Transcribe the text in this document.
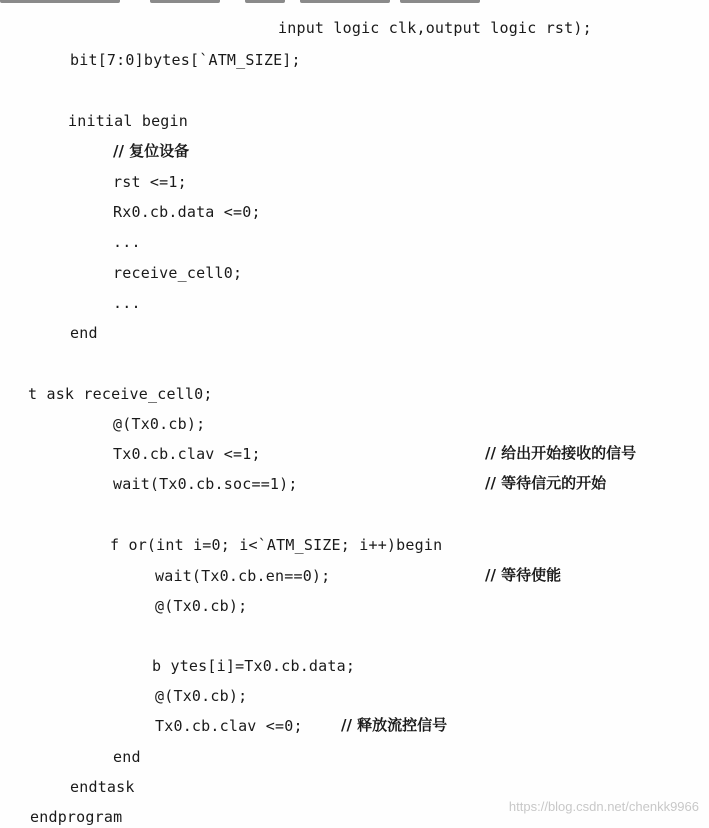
input logic clk,output logic rst);
bit[7:0]bytes[`ATM_SIZE];
initial begin
// 复位设备
rst <=1;
Rx0.cb.data <=0;
...
receive_cell0;
...
end
t ask receive_cell0;
@(Tx0.cb);
Tx0.cb.clav <=1;	// 给出开始接收的信号
wait(Tx0.cb.soc==1);	// 等待信元的开始
f or(int i=0; i<`ATM_SIZE; i++)begin
wait(Tx0.cb.en==0);	// 等待使能
@(Tx0.cb);
b ytes[i]=Tx0.cb.data;
@(Tx0.cb);
Tx0.cb.clav <=0;	// 释放流控信号
end
endtask
endprogram
https://blog.csdn.net/chenkk9966
